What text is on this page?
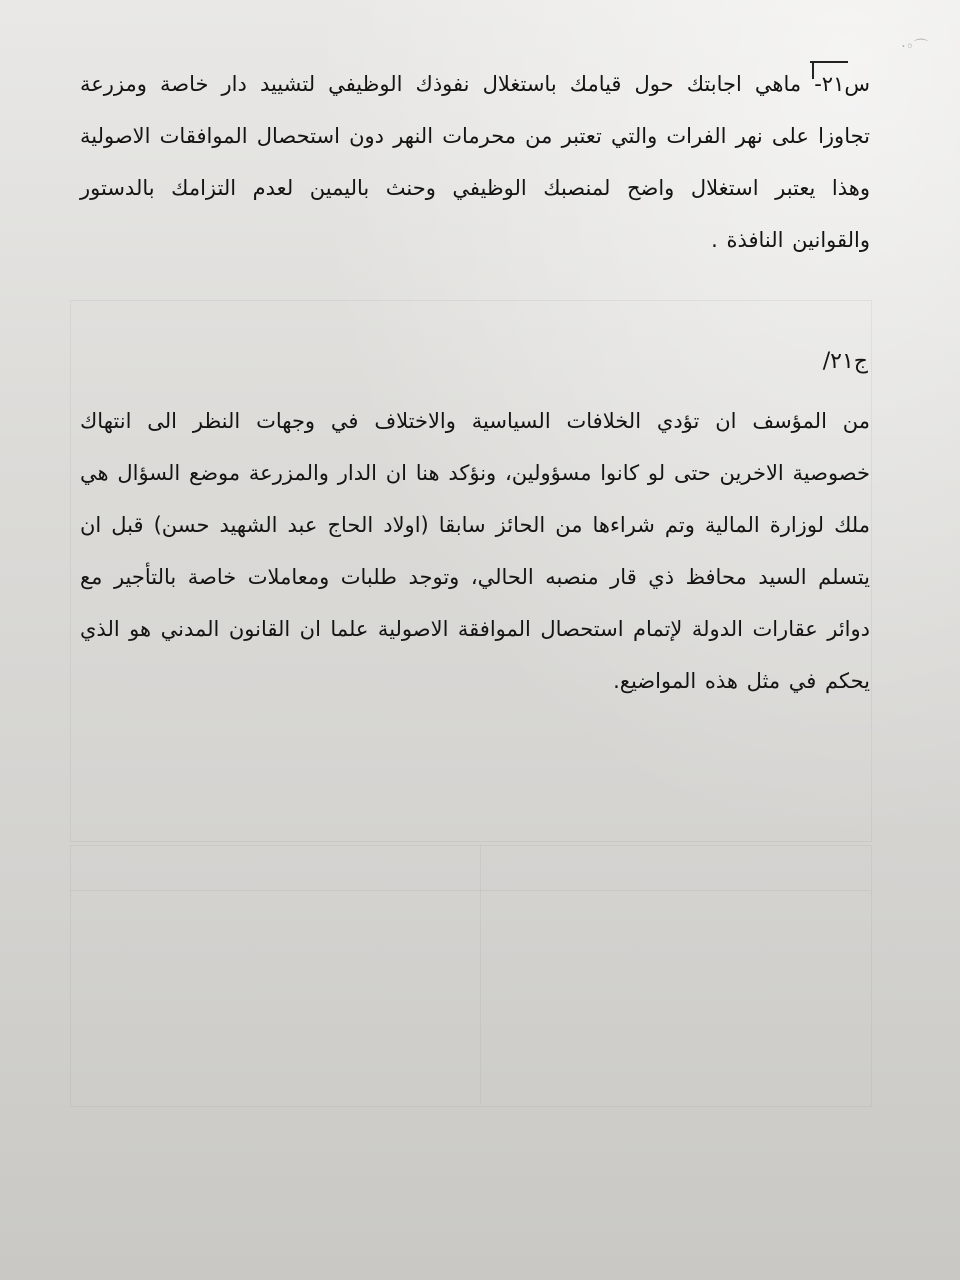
·◦⌒
س٢١- ماهي اجابتك حول قيامك باستغلال نفوذك الوظيفي لتشييد دار خاصة ومزرعة تجاوزا على نهر الفرات والتي تعتبر من محرمات النهر دون استحصال الموافقات الاصولية وهذا يعتبر استغلال واضح لمنصبك الوظيفي وحنث باليمين لعدم التزامك بالدستور والقوانين النافذة .
ج٢١/
من المؤسف ان تؤدي الخلافات السياسية والاختلاف في وجهات النظر الى انتهاك خصوصية الاخرين حتى لو كانوا مسؤولين، ونؤكد هنا ان الدار والمزرعة موضع السؤال هي ملك لوزارة المالية وتم شراءها من الحائز سابقا (اولاد الحاج عبد الشهيد حسن) قبل ان يتسلم السيد محافظ ذي قار منصبه الحالي، وتوجد طلبات ومعاملات خاصة بالتأجير مع دوائر عقارات الدولة لإتمام استحصال الموافقة الاصولية علما ان القانون المدني هو الذي يحكم في مثل هذه المواضيع.
